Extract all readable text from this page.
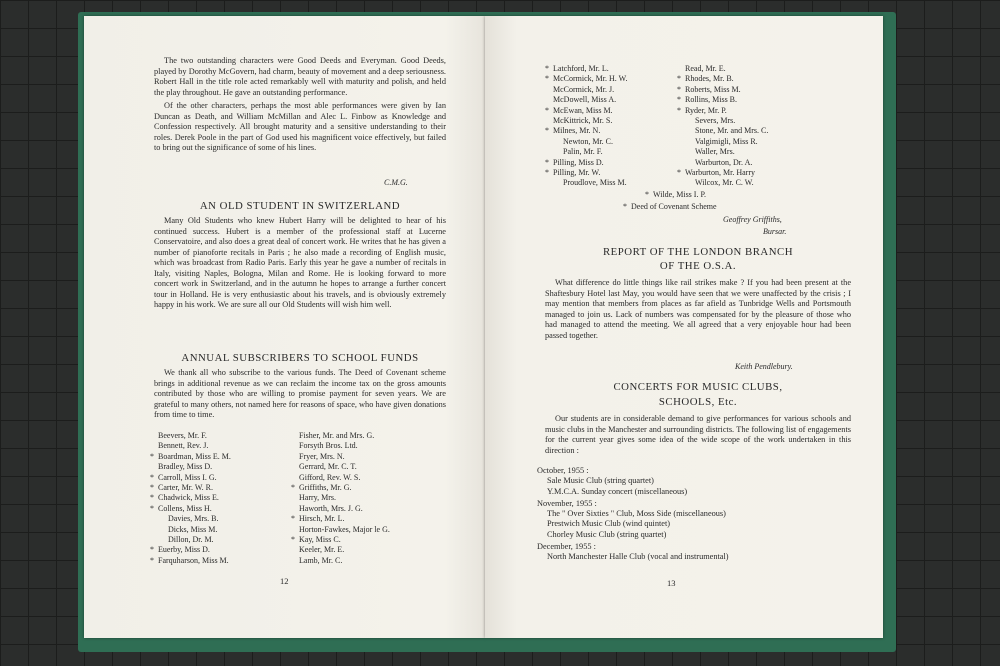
The two outstanding characters were Good Deeds and Everyman. Good Deeds, played by Dorothy McGovern, had charm, beauty of movement and a deep seriousness. Robert Hall in the title role acted remarkably well with maturity and polish, and held the play throughout. He gave an outstanding performance.

Of the other characters, perhaps the most able performances were given by Ian Duncan as Death, and William McMillan and Alec L. Finbow as Knowledge and Confession respectively. All brought maturity and a sensitive understanding to their roles. Derek Poole in the part of God used his magnificent voice effectively, but failed to bring out the significance of some of his lines.

C.M.G.
AN OLD STUDENT IN SWITZERLAND

Many Old Students who knew Hubert Harry will be delighted to hear of his continued success. Hubert is a member of the professional staff at Lucerne Conservatoire, and also does a great deal of concert work. He writes that he has given a number of pianoforte recitals in Paris ; he also made a recording of English music, which was broadcast from Radio Paris. Early this year he gave a number of recitals in Italy, visiting Naples, Bologna, Milan and Rome. He is looking forward to more concert work in Switzerland, and in the autumn he hopes to arrange a further concert tour in Holland. He is very enthusiastic about his travels, and is obviously extremely happy in his work. We are sure all our Old Students will wish him well.

ANNUAL SUBSCRIBERS TO SCHOOL FUNDS

We thank all who subscribe to the various funds. The Deed of Covenant scheme brings in additional revenue as we can reclaim the income tax on the gross amounts contributed by those who are willing to promise payment for seven years. We are grateful to many others, not named here for reasons of space, who have given donations from time to time.

Beevers, Mr. F.
Bennett, Rev. J.
* Boardman, Miss E. M.
Bradley, Miss D.
* Carroll, Miss I. G.
* Carter, Mr. W. R.
* Chadwick, Miss E.
* Collens, Miss H.
Davies, Mrs. B.
Dicks, Miss M.
Dillon, Dr. M.
* Euerby, Miss D.
* Farquharson, Miss M.
Fisher, Mr. and Mrs. G.
Forsyth Bros. Ltd.
Fryer, Mrs. N.
Gerrard, Mr. C. T.
Gifford, Rev. W. S.
* Griffiths, Mr. G.
Harry, Mrs.
Haworth, Mrs. J. G.
* Hirsch, Mr. L.
Horton-Fawkes, Major le G.
* Kay, Miss C.
Keeler, Mr. E.
Lamb, Mr. C.
12
* Latchford, Mr. L.
* McCormick, Mr. H. W.
McCormick, Mr. J.
McDowell, Miss A.
* McEwan, Miss M.
McKittrick, Mr. S.
* Milnes, Mr. N.
Newton, Mr. C.
Palin, Mr. F.
* Pilling, Miss D.
* Pilling, Mr. W.
Proudlove, Miss M.
Read, Mr. E.
* Rhodes, Mr. B.
* Roberts, Miss M.
* Rollins, Miss B.
* Ryder, Mr. P.
Severs, Mrs.
Stone, Mr. and Mrs. C.
Valgimigli, Miss R.
Waller, Mrs.
Warburton, Dr. A.
* Warburton, Mr. Harry
Wilcox, Mr. C. W.
* Wilde, Miss I. P.
* Deed of Covenant Scheme
Geoffrey Griffiths,
Bursar.
REPORT OF THE LONDON BRANCH
OF THE O.S.A.

What difference do little things like rail strikes make ? If you had been present at the Shaftesbury Hotel last May, you would have seen that we were unaffected by the crisis ; I may mention that members from places as far afield as Tunbridge Wells and Portsmouth managed to join us. Lack of numbers was compensated for by the pleasure of those who had managed to attend the meeting. We all agreed that a very enjoyable hour had been passed together.

Keith Pendlebury.
CONCERTS FOR MUSIC CLUBS,
SCHOOLS, Etc.

Our students are in considerable demand to give performances for various schools and music clubs in the Manchester and surrounding districts. The following list of engagements for the current year gives some idea of the wide scope of the work undertaken in this direction :

October, 1955 :
Sale Music Club (string quartet)
Y.M.C.A. Sunday concert (miscellaneous)
November, 1955 :
The " Over Sixties " Club, Moss Side (miscellaneous)
Prestwich Music Club (wind quintet)
Chorley Music Club (string quartet)
December, 1955 :
North Manchester Halle Club (vocal and instrumental)
13
